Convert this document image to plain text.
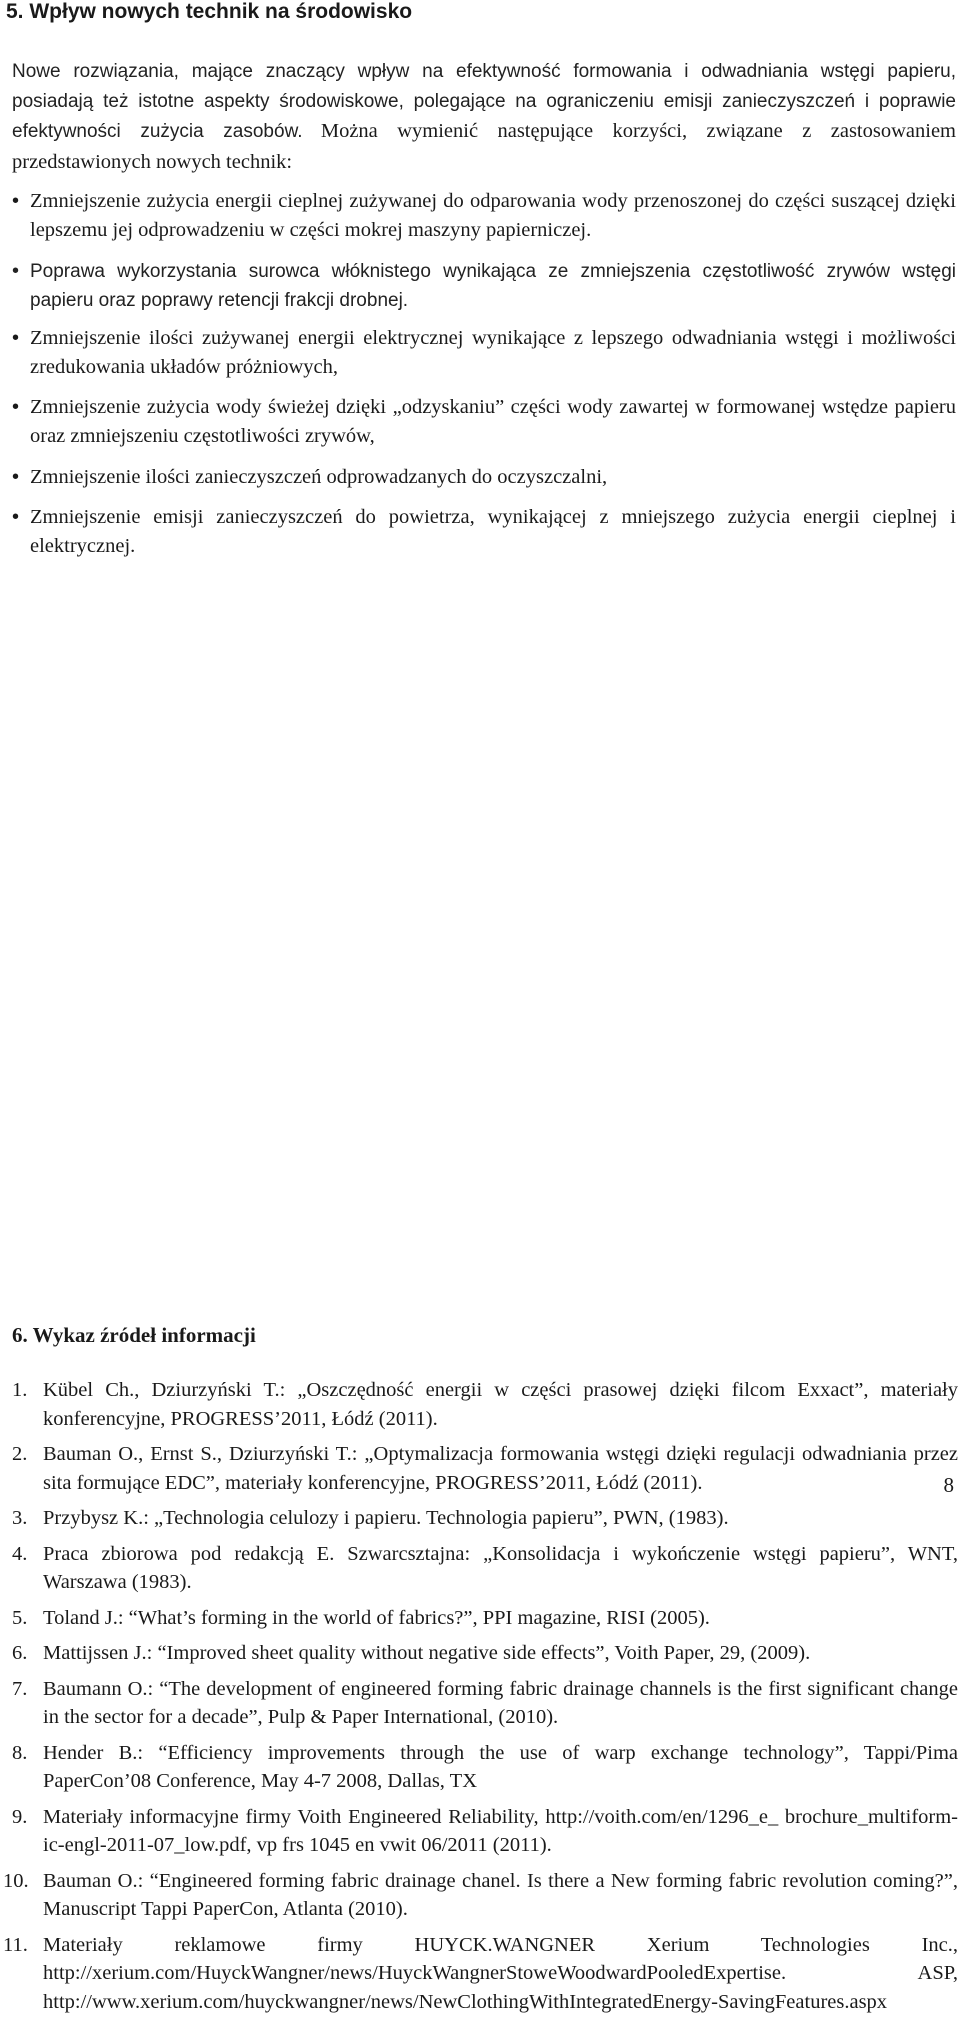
5. Wpływ nowych technik na środowisko

Nowe rozwiązania, mające znaczący wpływ na efektywność formowania i odwadniania wstęgi papieru, posiadają też istotne aspekty środowiskowe, polegające na ograniczeniu emisji zanieczyszczeń i poprawie efektywności zużycia zasobów. Można wymienić następujące korzyści, związane z zastosowaniem przedstawionych nowych technik:

• Zmniejszenie zużycia energii cieplnej zużywanej do odparowania wody przenoszonej do części suszącej dzięki lepszemu jej odprowadzeniu w części mokrej maszyny papierniczej.
• Poprawa wykorzystania surowca włóknistego wynikająca ze zmniejszenia częstotliwość zrywów wstęgi papieru oraz poprawy retencji frakcji drobnej.
• Zmniejszenie ilości zużywanej energii elektrycznej wynikające z lepszego odwadniania wstęgi i możliwości zredukowania układów próżniowych,
• Zmniejszenie zużycia wody świeżej dzięki „odzyskaniu” części wody zawartej w formowanej wstędze papieru oraz zmniejszeniu częstotliwości zrywów,
• Zmniejszenie ilości zanieczyszczeń odprowadzanych do oczyszczalni,
• Zmniejszenie emisji zanieczyszczeń do powietrza, wynikającej z mniejszego zużycia energii cieplnej i elektrycznej.
6. Wykaz źródeł informacji
1. Kübel Ch., Dziurzyński T.: „Oszczędność energii w części prasowej dzięki filcom Exxact”, materiały konferencyjne, PROGRESS’2011, Łódź (2011).
2. Bauman O., Ernst S., Dziurzyński T.: „Optymalizacja formowania wstęgi dzięki regulacji odwadniania przez sita formujące EDC”, materiały konferencyjne, PROGRESS’2011, Łódź (2011).
3. Przybysz K.: „Technologia celulozy i papieru. Technologia papieru”, PWN, (1983).
4. Praca zbiorowa pod redakcją E. Szwarcsztajna: „Konsolidacja i wykończenie wstęgi papieru”, WNT, Warszawa (1983).
5. Toland J.: “What’s forming in the world of fabrics?”, PPI magazine, RISI (2005).
6. Mattijssen J.: “Improved sheet quality without negative side effects”, Voith Paper, 29, (2009).
7. Baumann O.: “The development of engineered forming fabric drainage channels is the first significant change in the sector for a decade”, Pulp & Paper International, (2010).
8. Hender B.: “Efficiency improvements through the use of warp exchange technology”, Tappi/Pima PaperCon’08 Conference, May 4-7 2008, Dallas, TX
9. Materiały informacyjne firmy Voith Engineered Reliability, http://voith.com/en/1296_e_ brochure_multiform-ic-engl-2011-07_low.pdf, vp frs 1045 en vwit 06/2011 (2011).
10. Bauman O.: “Engineered forming fabric drainage chanel. Is there a New forming fabric revolution coming?”, Manuscript Tappi PaperCon, Atlanta (2010).
11. Materiały reklamowe firmy HUYCK.WANGNER Xerium Technologies Inc., http://xerium.com/HuyckWangner/news/HuyckWangnerStoweWoodwardPooledExpertise. ASP, http://www.xerium.com/huyckwangner/news/NewClothingWithIntegratedEnergy-SavingFeatures.aspx
8
